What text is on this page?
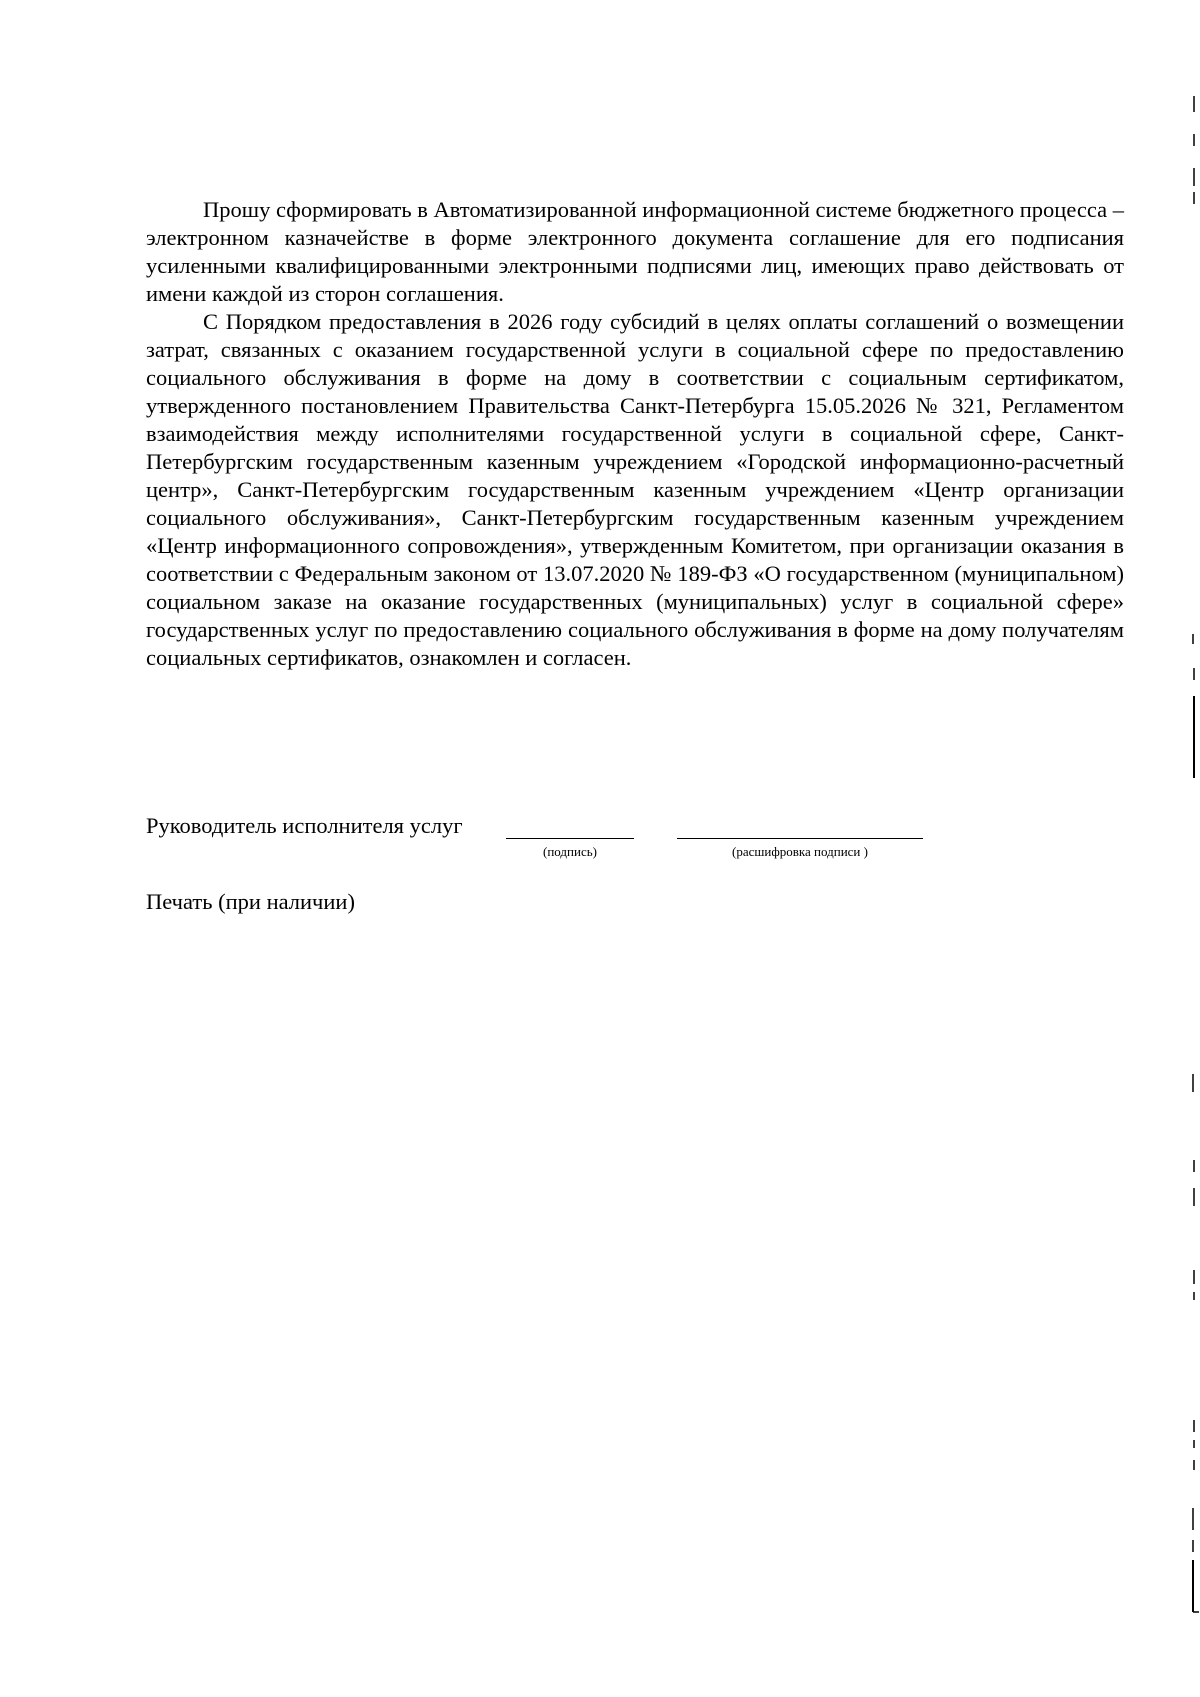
Прошу сформировать в Автоматизированной информационной системе бюджетного процесса – электронном казначействе в форме электронного документа соглашение для его подписания усиленными квалифицированными электронными подписями лиц, имеющих право действовать от имени каждой из сторон соглашения.

С Порядком предоставления в 2026 году субсидий в целях оплаты соглашений о возмещении затрат, связанных с оказанием государственной услуги в социальной сфере по предоставлению социального обслуживания в форме на дому в соответствии с социальным сертификатом, утвержденного постановлением Правительства Санкт-Петербурга 15.05.2026 № 321, Регламентом взаимодействия между исполнителями государственной услуги в социальной сфере, Санкт-Петербургским государственным казенным учреждением «Городской информационно-расчетный центр», Санкт-Петербургским государственным казенным учреждением «Центр организации социального обслуживания», Санкт-Петербургским государственным казенным учреждением «Центр информационного сопровождения», утвержденным Комитетом, при организации оказания в соответствии с Федеральным законом от 13.07.2020 № 189-ФЗ «О государственном (муниципальном) социальном заказе на оказание государственных (муниципальных) услуг в социальной сфере» государственных услуг по предоставлению социального обслуживания в форме на дому получателям социальных сертификатов, ознакомлен и согласен.

Руководитель исполнителя услуг
(подпись)	(расшифровка подписи )
Печать (при наличии)
